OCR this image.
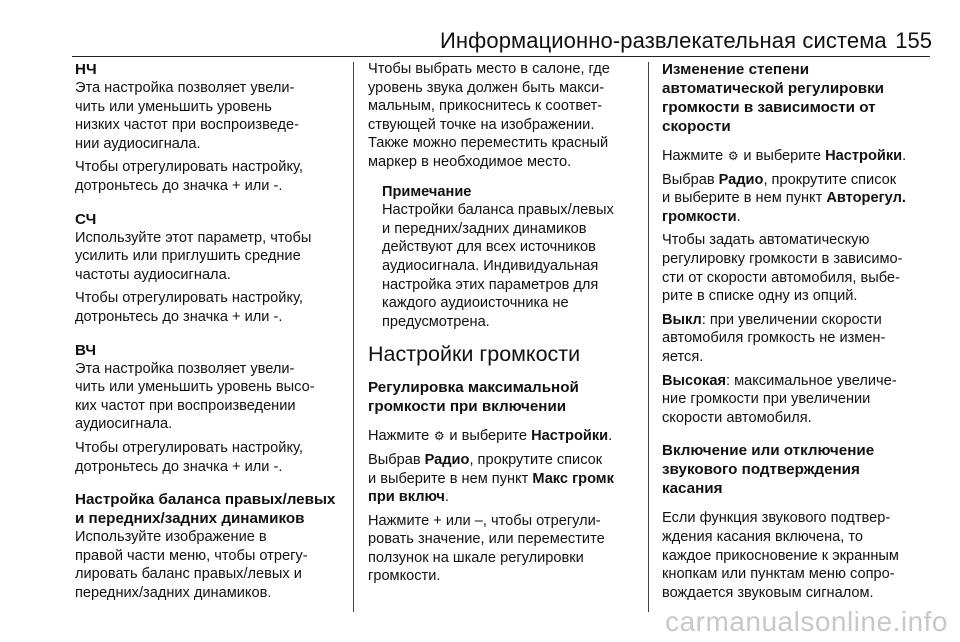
Информационно-развлекательная система 155

НЧ

Эта настройка позволяет увели-

чить или уменьшить уровень

низких частот при воспроизведе-

нии аудиосигнала.

Чтобы отрегулировать настройку,

дотроньтесь до значка + или -.

СЧ

Используйте этот параметр, чтобы

усилить или приглушить средние

частоты аудиосигнала.

Чтобы отрегулировать настройку,

дотроньтесь до значка + или -.

ВЧ

Эта настройка позволяет увели-

чить или уменьшить уровень высо-

ких частот при воспроизведении

аудиосигнала.

Чтобы отрегулировать настройку,

дотроньтесь до значка + или -.

Настройка баланса правых/левых

и передних/задних динамиков

Используйте изображение в

правой части меню, чтобы отрегу-

лировать баланс правых/левых и

передних/задних динамиков.

Чтобы выбрать место в салоне, где

уровень звука должен быть макси-

мальным, прикоснитесь к соответ-

ствующей точке на изображении.

Также можно переместить красный

маркер в необходимое место.

Примечание

Настройки баланса правых/левых

и передних/задних динамиков

действуют для всех источников

аудиосигнала. Индивидуальная

настройка этих параметров для

каждого аудиоисточника не

предусмотрена.

Настройки громкости

Регулировка максимальной

громкости при включении

Нажмите ⚙ и выберите Настройки.

Выбрав Радио, прокрутите список

и выберите в нем пункт Макс громк

при включ.

Нажмите + или –, чтобы отрегули-

ровать значение, или переместите

ползунок на шкале регулировки

громкости.

Изменение степени

автоматической регулировки

громкости в зависимости от

скорости

Нажмите ⚙ и выберите Настройки.

Выбрав Радио, прокрутите список

и выберите в нем пункт Авторегул.

громкости.

Чтобы задать автоматическую

регулировку громкости в зависимо-

сти от скорости автомобиля, выбе-

рите в списке одну из опций.

Выкл: при увеличении скорости

автомобиля громкость не измен-

яется.

Высокая: максимальное увеличе-

ние громкости при увеличении

скорости автомобиля.

Включение или отключение

звукового подтверждения

касания

Если функция звукового подтвер-

ждения касания включена, то

каждое прикосновение к экранным

кнопкам или пунктам меню сопро-

вождается звуковым сигналом.

carmanualsonline.info
